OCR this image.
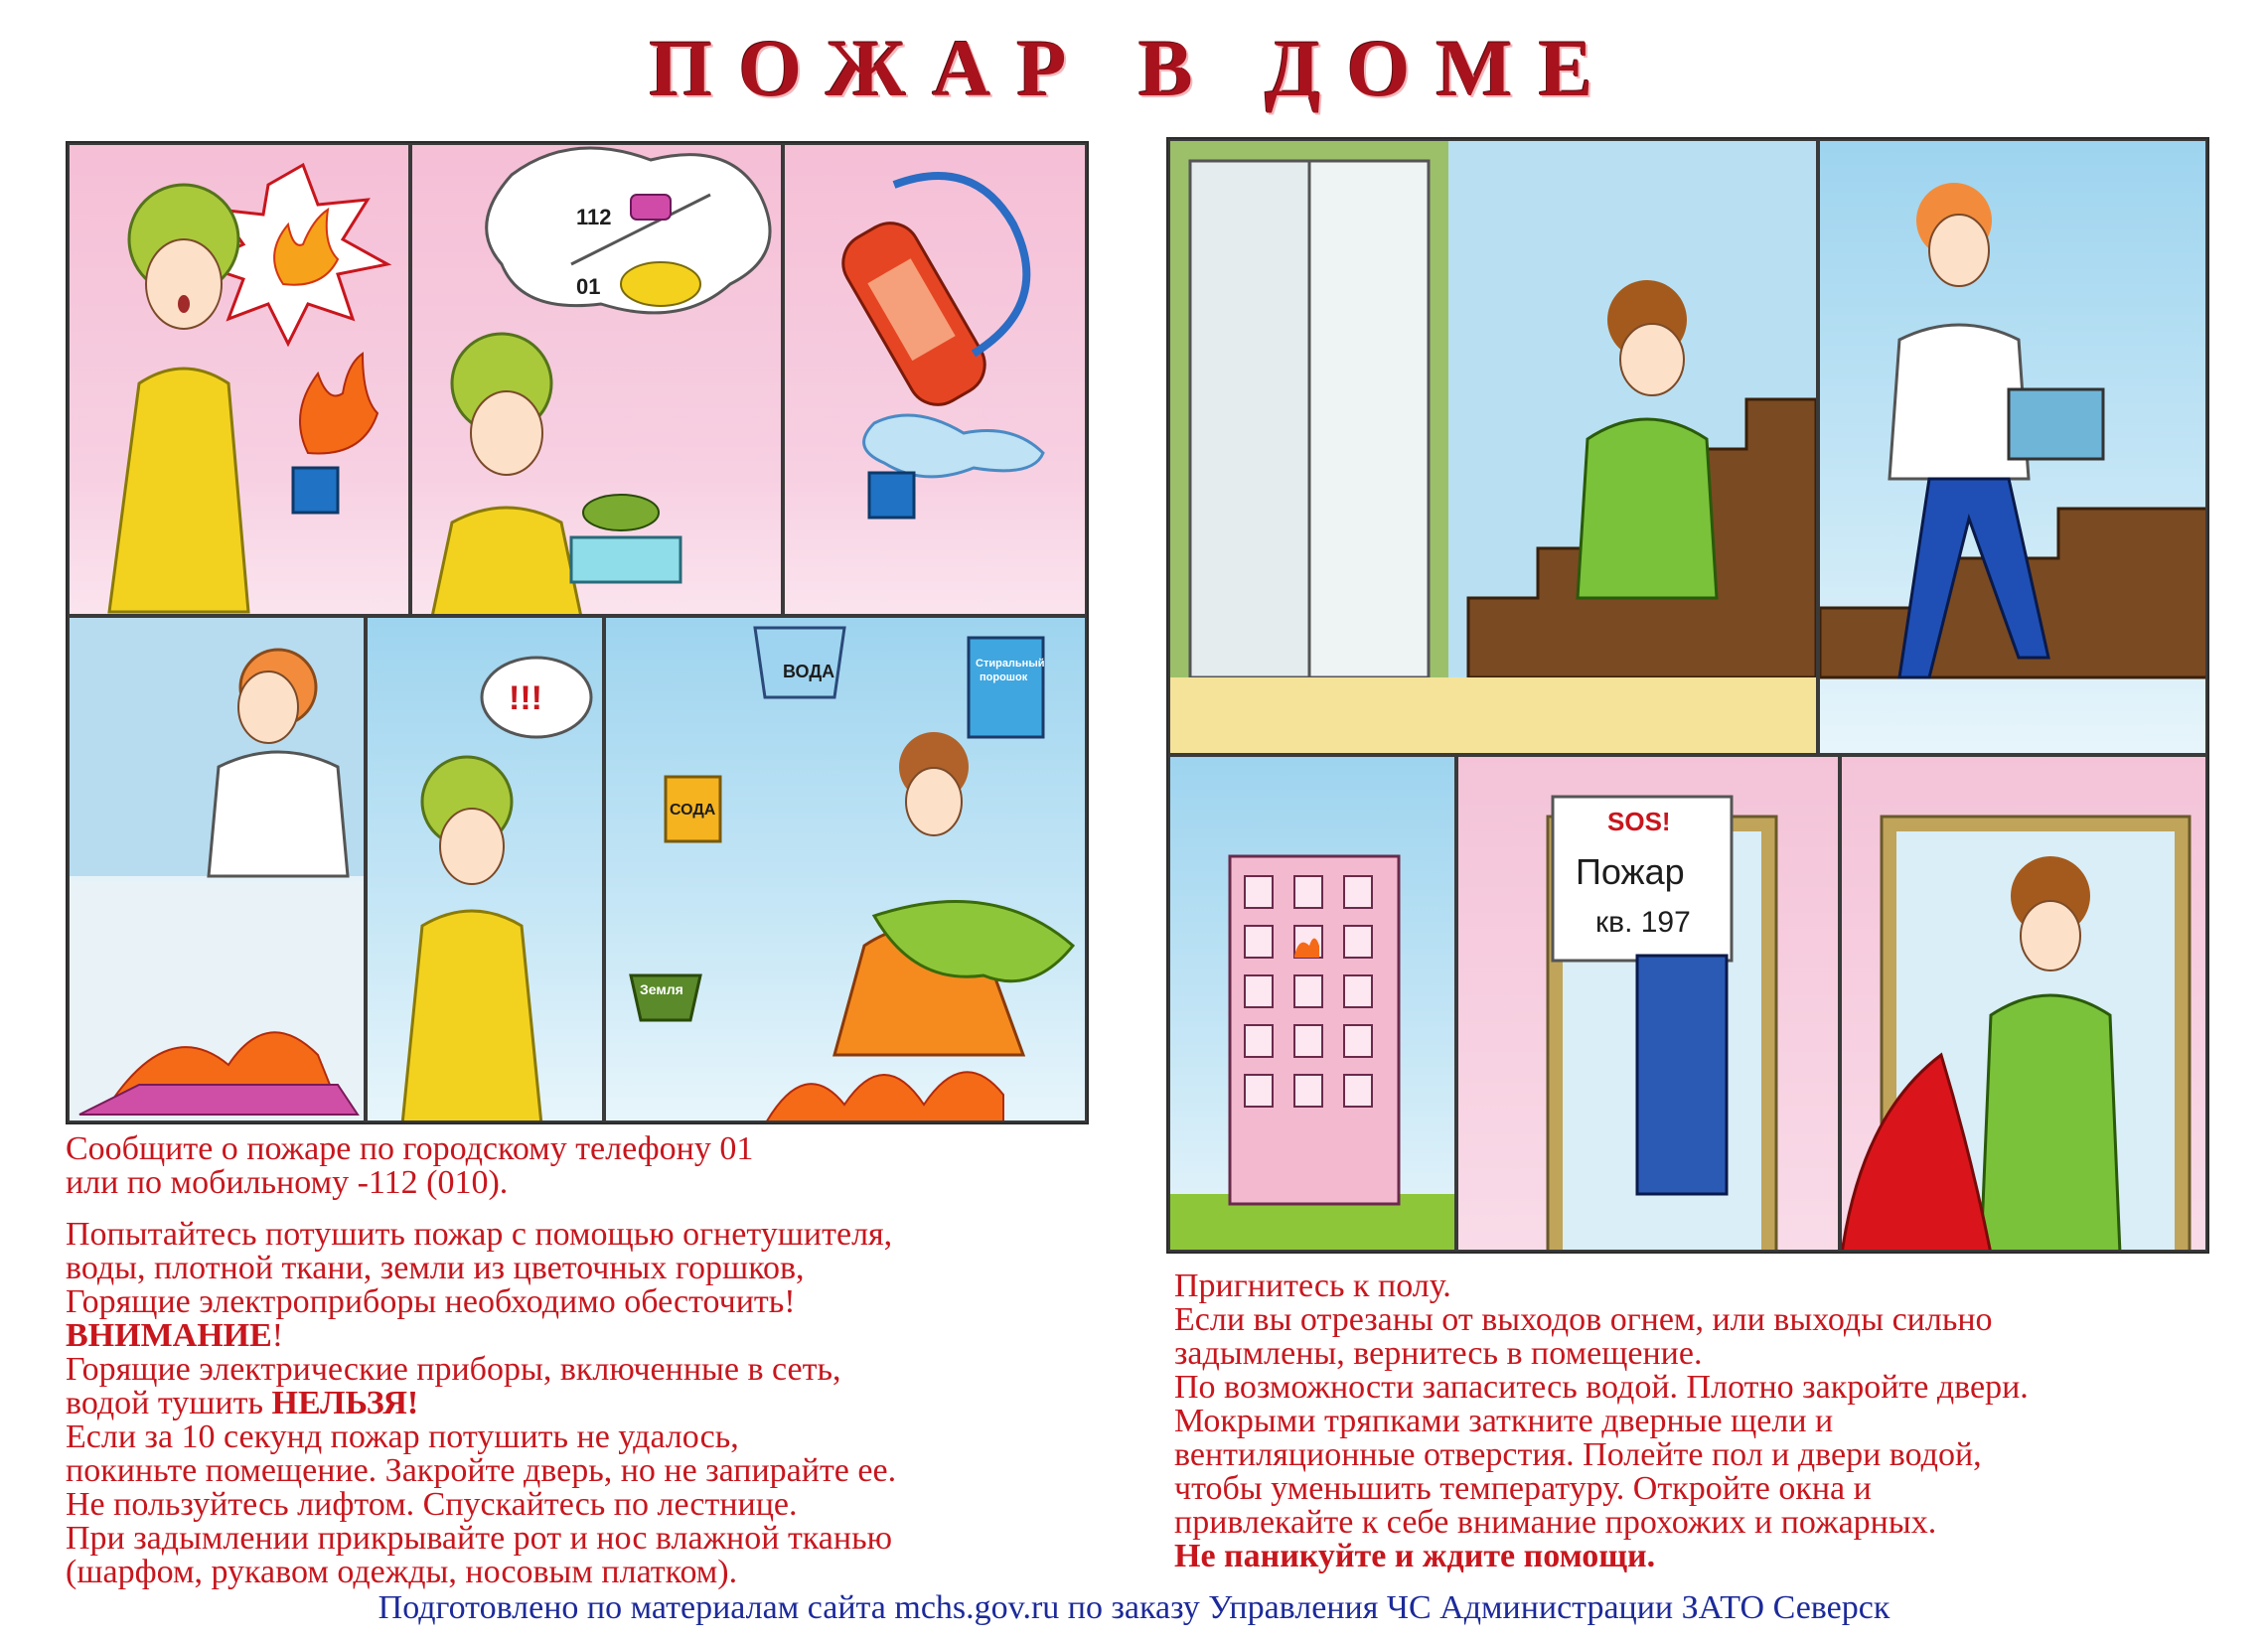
ПОЖАР В ДОМЕ
112
01
!!!
ВОДА	Стиральный
порошок
СОДА
Земля
SOS!
Пожар
кв. 197

Сообщите о пожаре по городскому телефону 01

или по мобильному -112 (010).

Попытайтесь потушить пожар с помощью огнетушителя,

воды, плотной ткани, земли из цветочных горшков,

Горящие электроприборы необходимо обесточить!

ВНИМАНИЕ!

Горящие электрические приборы, включенные в сеть,

водой тушить НЕЛЬЗЯ!

Если за 10 секунд пожар потушить не удалось,

покиньте помещение. Закройте дверь, но не запирайте ее.

Не пользуйтесь лифтом. Спускайтесь по лестнице.

При задымлении прикрывайте рот и нос влажной тканью

(шарфом, рукавом одежды, носовым платком).

Пригнитесь к полу.

Если вы отрезаны от выходов огнем, или выходы сильно

задымлены, вернитесь в помещение.

По возможности запаситесь водой. Плотно закройте двери.

Мокрыми тряпками заткните дверные щели и

вентиляционные отверстия. Полейте пол и двери водой,

чтобы уменьшить температуру. Откройте окна и

привлекайте к себе внимание прохожих и пожарных.

Не паникуйте и ждите помощи.

Подготовлено по материалам сайта mchs.gov.ru по заказу Управления ЧС Администрации ЗАТО Северск
